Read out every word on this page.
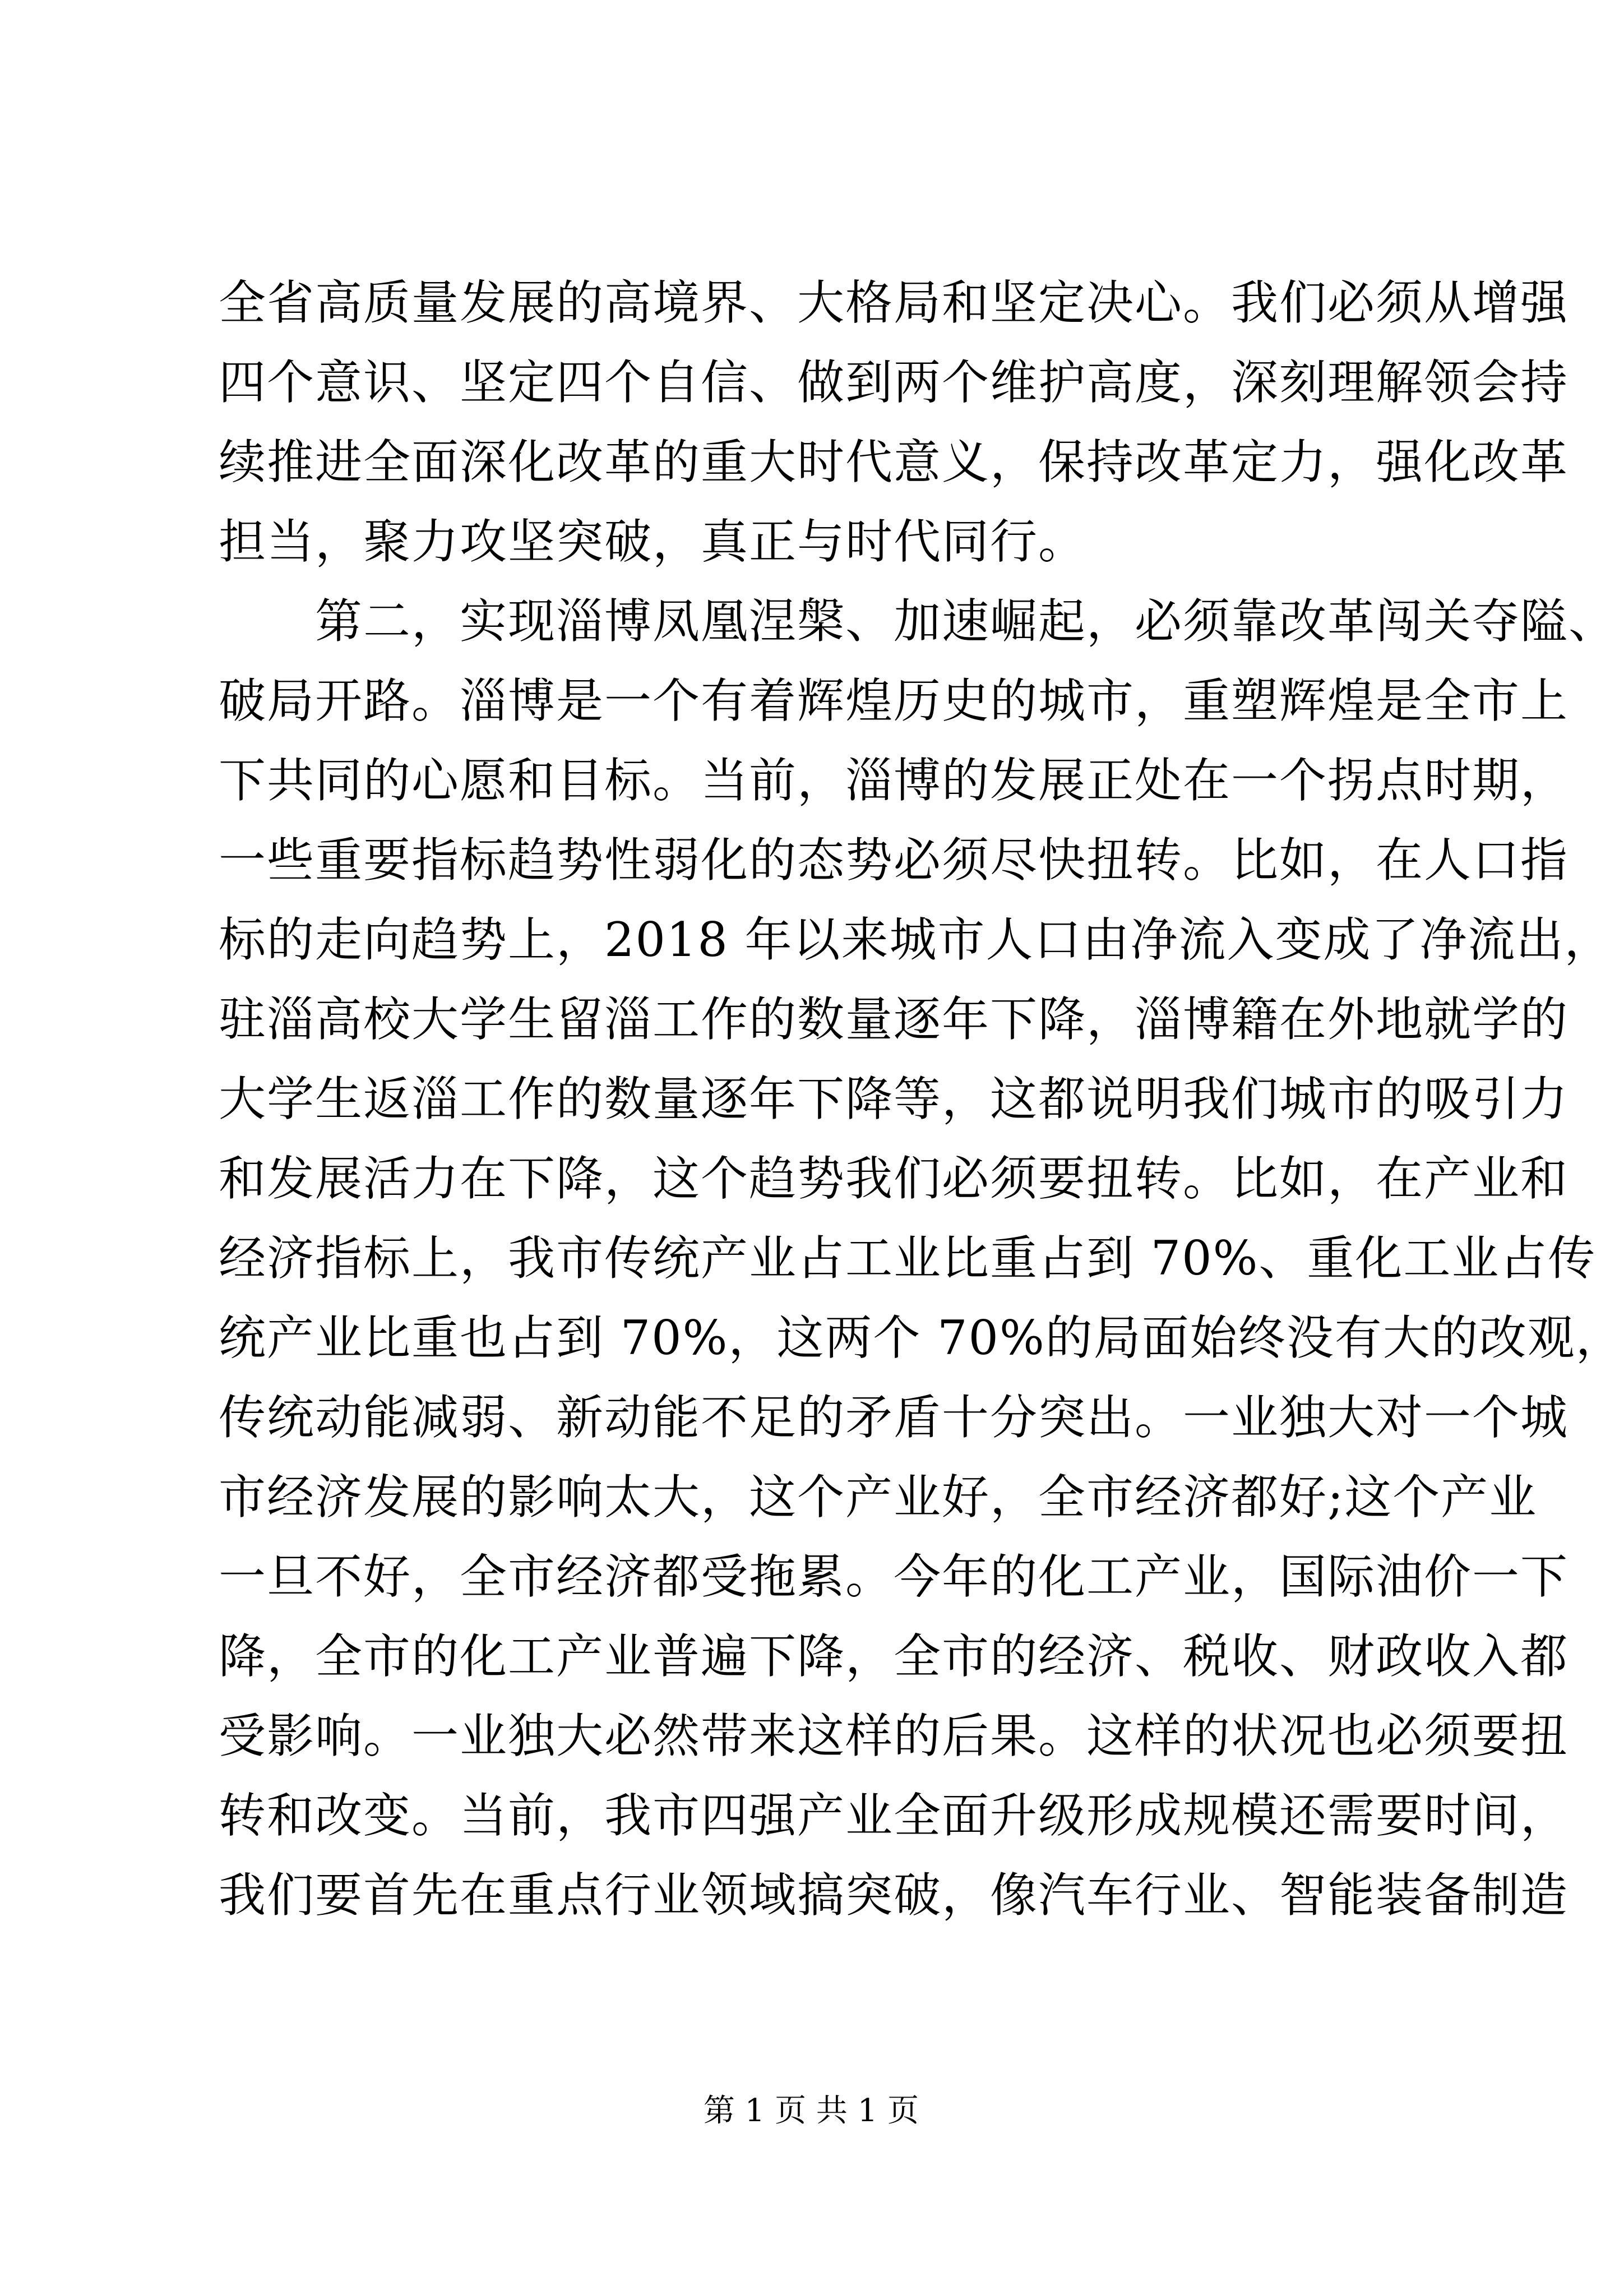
全省高质量发展的高境界、大格局和坚定决心。我们必须从增强
四个意识、坚定四个自信、做到两个维护高度，深刻理解领会持
续推进全面深化改革的重大时代意义，保持改革定力，强化改革
担当，聚力攻坚突破，真正与时代同行。
　　第二，实现淄博凤凰涅槃、加速崛起，必须靠改革闯关夺隘、
破局开路。淄博是一个有着辉煌历史的城市，重塑辉煌是全市上
下共同的心愿和目标。当前，淄博的发展正处在一个拐点时期，
一些重要指标趋势性弱化的态势必须尽快扭转。比如，在人口指
标的走向趋势上，2018 年以来城市人口由净流入变成了净流出，
驻淄高校大学生留淄工作的数量逐年下降，淄博籍在外地就学的
大学生返淄工作的数量逐年下降等，这都说明我们城市的吸引力
和发展活力在下降，这个趋势我们必须要扭转。比如，在产业和
经济指标上，我市传统产业占工业比重占到 70%、重化工业占传
统产业比重也占到 70%，这两个 70%的局面始终没有大的改观，
传统动能减弱、新动能不足的矛盾十分突出。一业独大对一个城
市经济发展的影响太大，这个产业好，全市经济都好;这个产业
一旦不好，全市经济都受拖累。今年的化工产业，国际油价一下
降，全市的化工产业普遍下降，全市的经济、税收、财政收入都
受影响。一业独大必然带来这样的后果。这样的状况也必须要扭
转和改变。当前，我市四强产业全面升级形成规模还需要时间，
我们要首先在重点行业领域搞突破，像汽车行业、智能装备制造
第 1 页 共 1 页
